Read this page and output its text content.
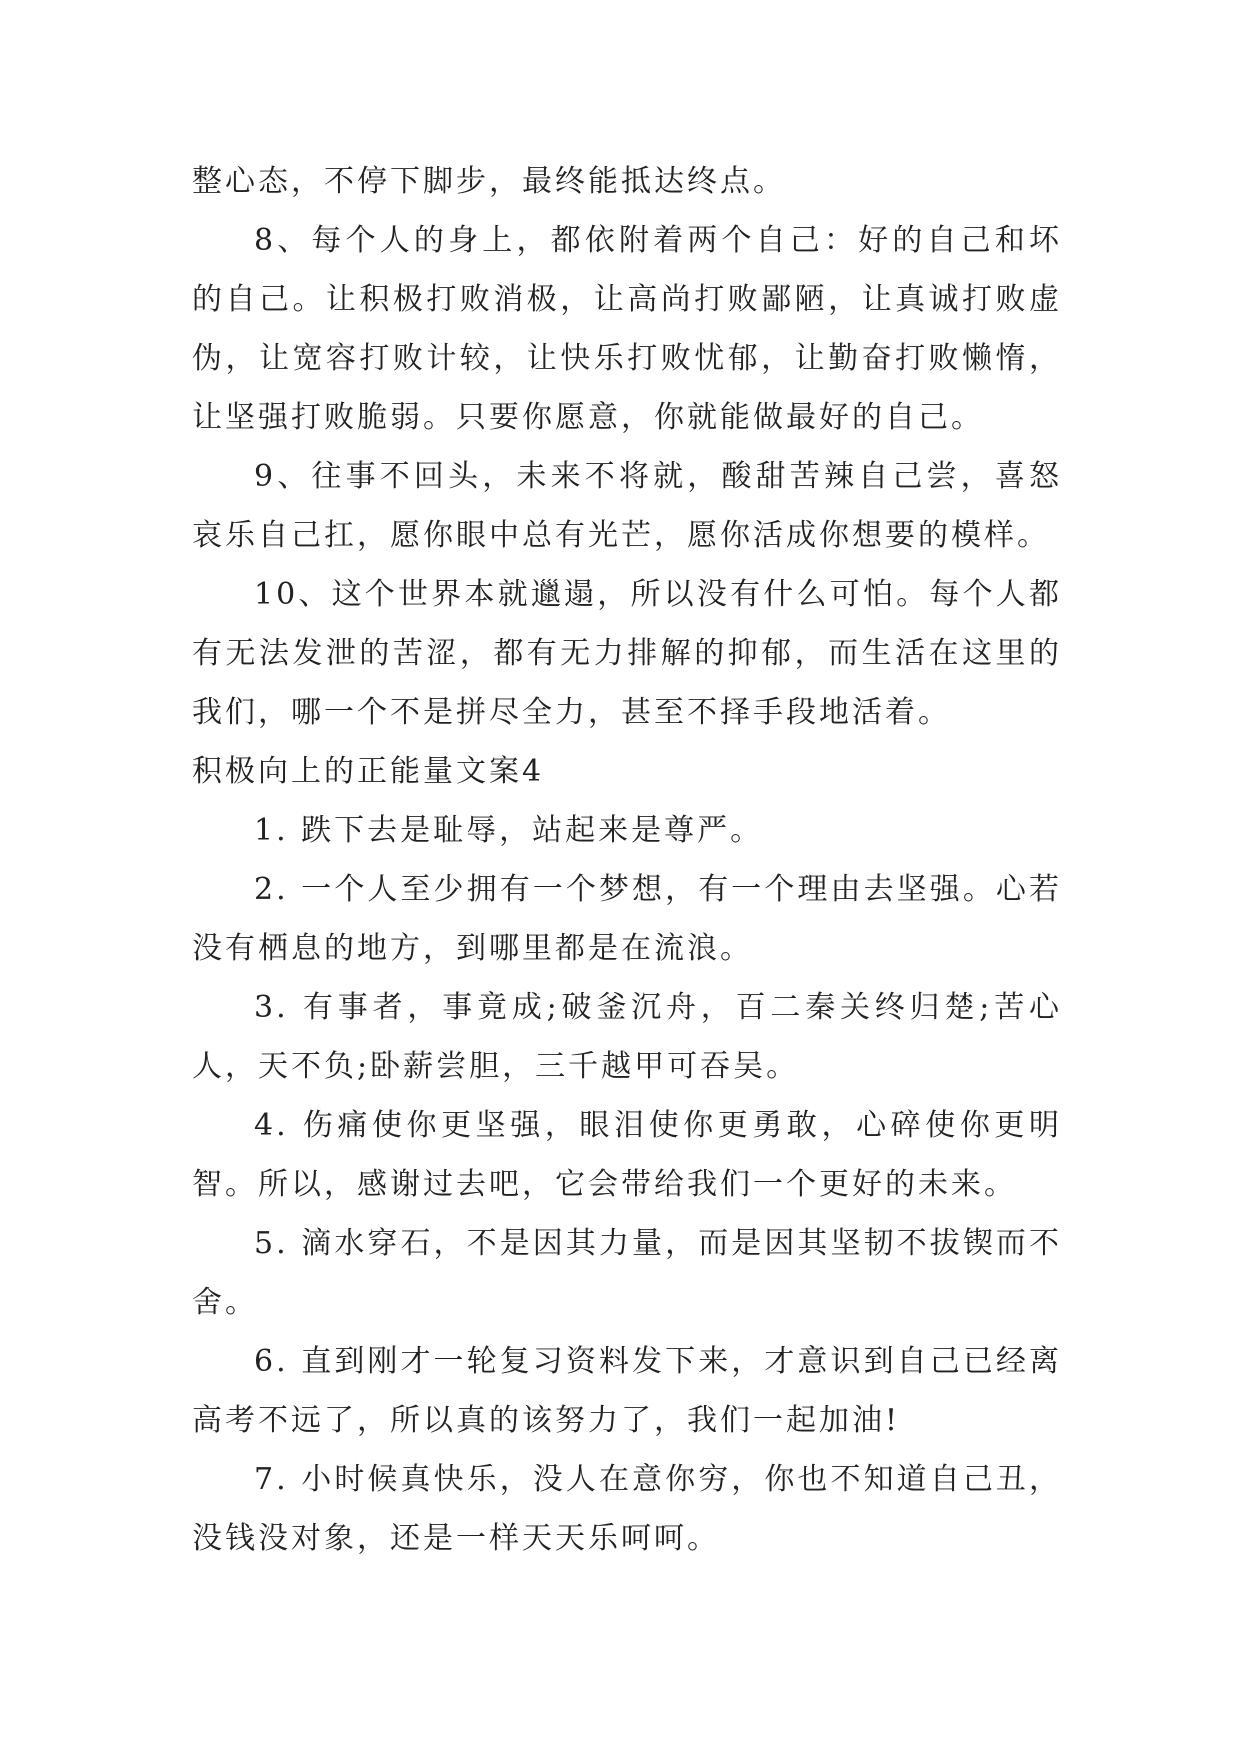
整心态，不停下脚步，最终能抵达终点。

8、每个人的身上，都依附着两个自己：好的自己和坏的自己。让积极打败消极，让高尚打败鄙陋，让真诚打败虚伪，让宽容打败计较，让快乐打败忧郁，让勤奋打败懒惰，让坚强打败脆弱。只要你愿意，你就能做最好的自己。

9、往事不回头，未来不将就，酸甜苦辣自己尝，喜怒哀乐自己扛，愿你眼中总有光芒，愿你活成你想要的模样。

10、这个世界本就邋遢，所以没有什么可怕。每个人都有无法发泄的苦涩，都有无力排解的抑郁，而生活在这里的我们，哪一个不是拼尽全力，甚至不择手段地活着。

积极向上的正能量文案4

1. 跌下去是耻辱，站起来是尊严。

2. 一个人至少拥有一个梦想，有一个理由去坚强。心若没有栖息的地方，到哪里都是在流浪。

3. 有事者，事竟成;破釜沉舟，百二秦关终归楚;苦心人，天不负;卧薪尝胆，三千越甲可吞吴。

4. 伤痛使你更坚强，眼泪使你更勇敢，心碎使你更明智。所以，感谢过去吧，它会带给我们一个更好的未来。

5. 滴水穿石，不是因其力量，而是因其坚韧不拔锲而不舍。

6. 直到刚才一轮复习资料发下来，才意识到自己已经离高考不远了，所以真的该努力了，我们一起加油!

7. 小时候真快乐，没人在意你穷，你也不知道自己丑，没钱没对象，还是一样天天乐呵呵。
